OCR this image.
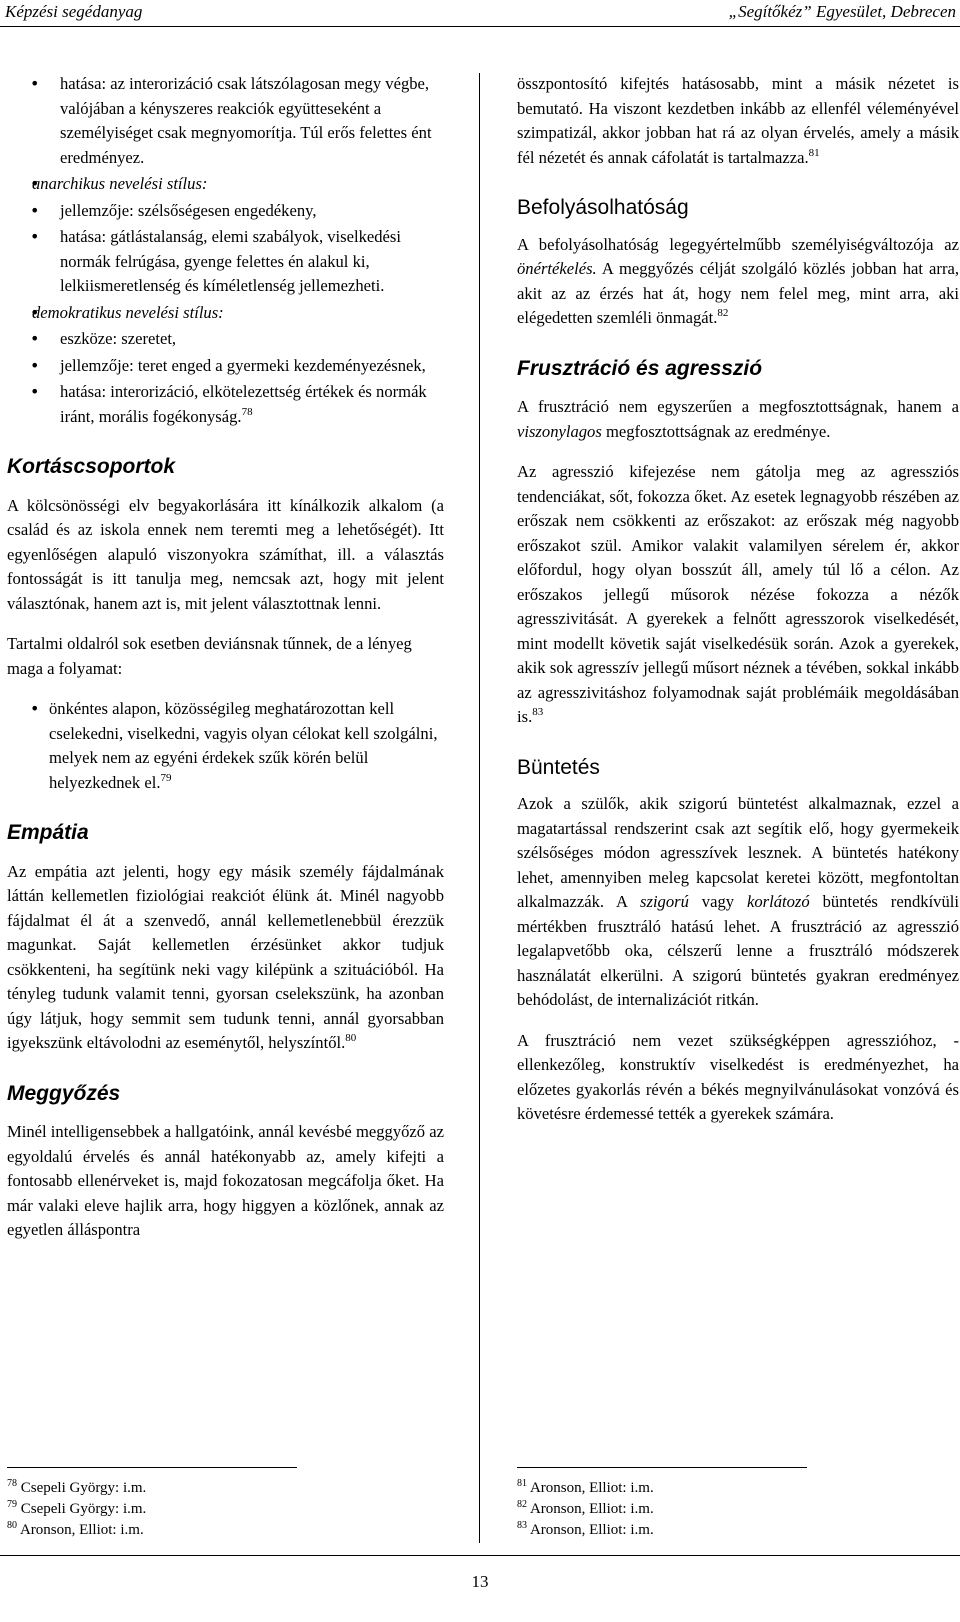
Képzési segédanyag	„Segítőkéz” Egyesület, Debrecen
• hatása: az interorizáció csak látszólagosan megy végbe, valójában a kényszeres reakciók együtteseként a személyiséget csak megnyomorítja. Túl erős felettes ént eredményez.
• anarchikus nevelési stílus:
• jellemzője: szélsőségesen engedékeny,
• hatása: gátlástalanság, elemi szabályok, viselkedési normák felrúgása, gyenge felettes én alakul ki, lelkiismeretlenség és kíméletlenség jellemezheti.
• demokratikus nevelési stílus:
• eszköze: szeretet,
• jellemzője: teret enged a gyermeki kezdeményezésnek,
• hatása: interorizáció, elkötelezettség értékek és normák iránt, morális fogékonyság.$^{78}$
Kortáscsoportok

A kölcsönösségi elv begyakorlására itt kínálkozik alkalom (a család és az iskola ennek nem teremti meg a lehetőségét). Itt egyenlőségen alapuló viszonyokra számíthat, ill. a választás fontosságát is itt tanulja meg, nemcsak azt, hogy mit jelent választónak, hanem azt is, mit jelent választottnak lenni.

Tartalmi oldalról sok esetben deviánsnak tűnnek, de a lényeg maga a folyamat:

• önkéntes alapon, közösségileg meghatározottan kell cselekedni, viselkedni, vagyis olyan célokat kell szolgálni, melyek nem az egyéni érdekek szűk körén belül helyezkednek el.$^{79}$
Empátia

Az empátia azt jelenti, hogy egy másik személy fájdalmának láttán kellemetlen fiziológiai reakciót élünk át. Minél nagyobb fájdalmat él át a szenvedő, annál kellemetlenebbül érezzük magunkat. Saját kellemetlen érzésünket akkor tudjuk csökkenteni, ha segítünk neki vagy kilépünk a szituációból. Ha tényleg tudunk valamit tenni, gyorsan cselekszünk, ha azonban úgy látjuk, hogy semmit sem tudunk tenni, annál gyorsabban igyekszünk eltávolodni az eseménytől, helyszíntől.$^{80}$

Meggyőzés

Minél intelligensebbek a hallgatóink, annál kevésbé meggyőző az egyoldalú érvelés és annál hatékonyabb az, amely kifejti a fontosabb ellenérveket is, majd fokozatosan megcáfolja őket. Ha már valaki eleve hajlik arra, hogy higgyen a közlőnek, annak az egyetlen álláspontra

összpontosító kifejtés hatásosabb, mint a másik nézetet is bemutató. Ha viszont kezdetben inkább az ellenfél véleményével szimpatizál, akkor jobban hat rá az olyan érvelés, amely a másik fél nézetét és annak cáfolatát is tartalmazza.$^{81}$

Befolyásolhatóság

A befolyásolhatóság legegyértelműbb személyiségváltozója az önértékelés. A meggyőzés célját szolgáló közlés jobban hat arra, akit az az érzés hat át, hogy nem felel meg, mint arra, aki elégedetten szemléli önmagát.$^{82}$

Frusztráció és agresszió

A frusztráció nem egyszerűen a megfosztottságnak, hanem a viszonylagos megfosztottságnak az eredménye.

Az agresszió kifejezése nem gátolja meg az agressziós tendenciákat, sőt, fokozza őket. Az esetek legnagyobb részében az erőszak nem csökkenti az erőszakot: az erőszak még nagyobb erőszakot szül. Amikor valakit valamilyen sérelem ér, akkor előfordul, hogy olyan bosszút áll, amely túl lő a célon. Az erőszakos jellegű műsorok nézése fokozza a nézők agresszivitását. A gyerekek a felnőtt agresszorok viselkedését, mint modellt követik saját viselkedésük során. Azok a gyerekek, akik sok agresszív jellegű műsort néznek a tévében, sokkal inkább az agresszivitáshoz folyamodnak saját problémáik megoldásában is.$^{83}$

Büntetés

Azok a szülők, akik szigorú büntetést alkalmaznak, ezzel a magatartással rendszerint csak azt segítik elő, hogy gyermekeik szélsőséges módon agresszívek lesznek. A büntetés hatékony lehet, amennyiben meleg kapcsolat keretei között, megfontoltan alkalmazzák. A szigorú vagy korlátozó büntetés rendkívüli mértékben frusztráló hatású lehet. A frusztráció az agresszió legalapvetőbb oka, célszerű lenne a frusztráló módszerek használatát elkerülni. A szigorú büntetés gyakran eredményez behódolást, de internalizációt ritkán.

A frusztráció nem vezet szükségképpen agresszióhoz, - ellenkezőleg, konstruktív viselkedést is eredményezhet, ha előzetes gyakorlás révén a békés megnyilvánulásokat vonzóvá és követésre érdemessé tették a gyerekek számára.

$^{78}$ Csepeli György: i.m.
$^{79}$ Csepeli György: i.m.
$^{80}$ Aronson, Elliot: i.m.
$^{81}$ Aronson, Elliot: i.m.
$^{82}$ Aronson, Elliot: i.m.
$^{83}$ Aronson, Elliot: i.m.
13
